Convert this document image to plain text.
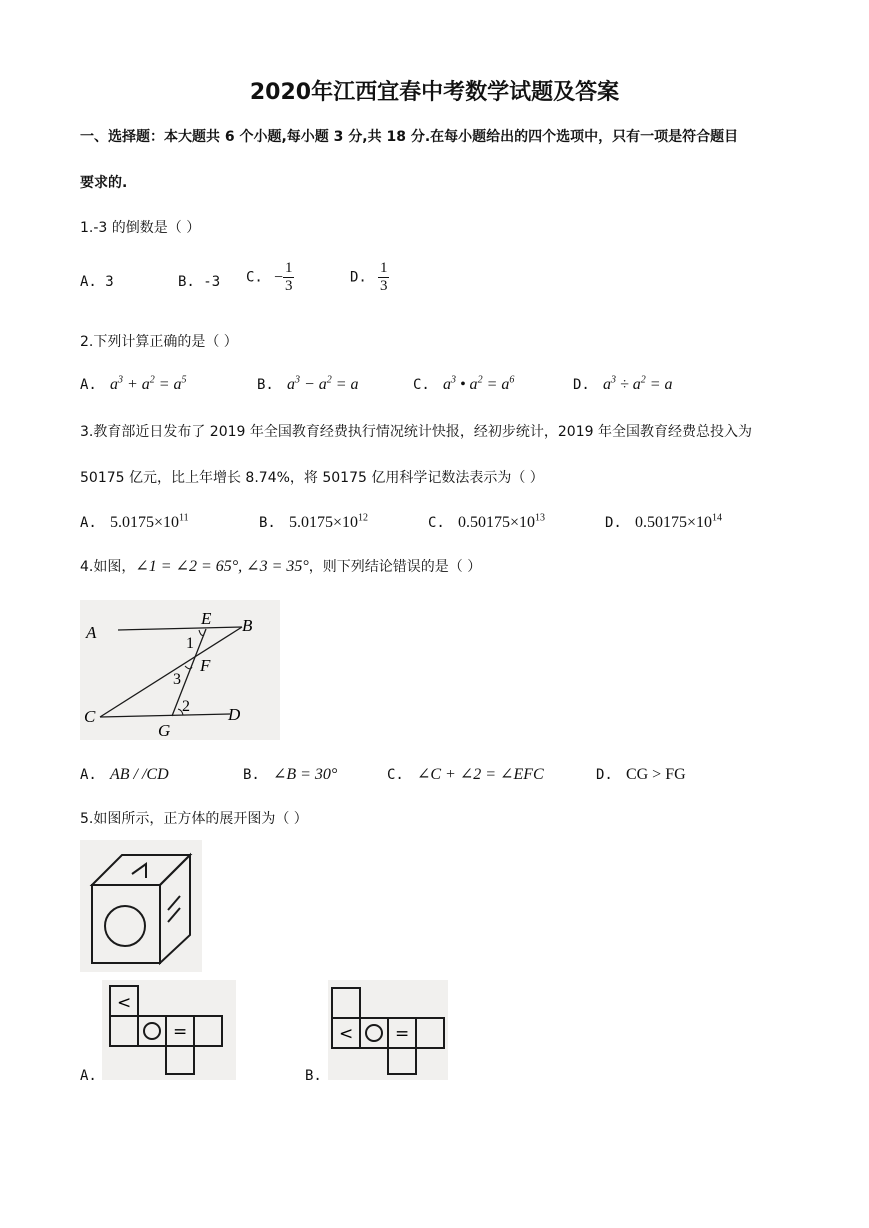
2020年江西宜春中考数学试题及答案
一、选择题：本大题共 6 个小题,每小题 3 分,共 18 分.在每小题给出的四个选项中，只有一项是符合题目
要求的.
1.-3 的倒数是（ ）
A. 3	B. -3 C. − $\frac{1}{3}$	D. $\frac{1}{3}$
2.下列计算正确的是（ ）
A. $a^3 + a^2 = a^5$	B. $a^3 - a^2 = a$	C. $a^3$ • $a^2 = a^6$	D. $a^3 \div a^2 = a$
3.教育部近日发布了 2019 年全国教育经费执行情况统计快报，经初步统计，2019 年全国教育经费总投入为
50175 亿元，比上年增长 8.74%，将 50175 亿用科学记数法表示为（ ）
A. $5.0175\times 10^{11}$	B. $5.0175\times 10^{12}$	C. $0.50175\times 10^{13}$	D. $0.50175\times 10^{14}$
4.如图，∠1 = ∠2 = 65°, ∠3 = 35°，则下列结论错误的是（ ）
A	B
C	D
E
F
G
1
2
3
A. AB / /CD	B. ∠B = 30°	C. ∠C + ∠2 = ∠EFC	D. CG > FG
5.如图所示，正方体的展开图为（ ）
<
=
A.
< =
B.
